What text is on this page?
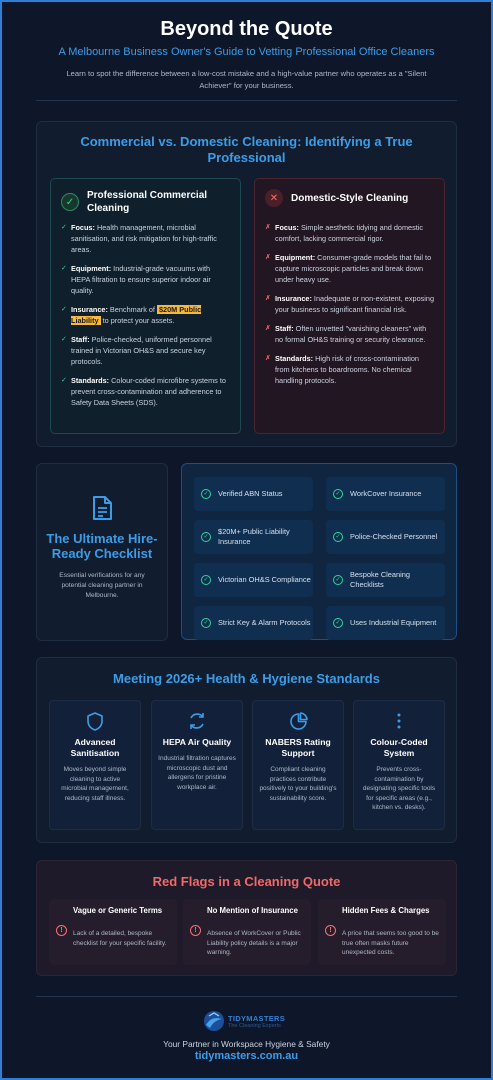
Beyond the Quote
A Melbourne Business Owner's Guide to Vetting Professional Office Cleaners
Learn to spot the difference between a low-cost mistake and a high-value partner who operates as a "Silent Achiever" for your business.
Commercial vs. Domestic Cleaning: Identifying a True Professional
✓
Professional Commercial Cleaning
✓ Focus: Health management, microbial sanitisation, and risk mitigation for high-traffic areas.
✓ Equipment: Industrial-grade vacuums with HEPA filtration to ensure superior indoor air quality.
✓ Insurance: Benchmark of $20M Public Liability to protect your assets.
✓ Staff: Police-checked, uniformed personnel trained in Victorian OH&S and secure key protocols.
✓ Standards: Colour-coded microfibre systems to prevent cross-contamination and adherence to Safety Data Sheets (SDS).
✕	Domestic-Style Cleaning
✗ Focus: Simple aesthetic tidying and domestic comfort, lacking commercial rigor.
✗ Equipment: Consumer-grade models that fail to capture microscopic particles and break down under heavy use.
✗ Insurance: Inadequate or non-existent, exposing your business to significant financial risk.
✗ Staff: Often unvetted "vanishing cleaners" with no formal OH&S training or security clearance.
✗ Standards: High risk of cross-contamination from kitchens to boardrooms. No chemical handling protocols.
The Ultimate Hire-Ready Checklist
Essential verifications for any potential cleaning partner in Melbourne.
✓	Verified ABN Status	✓	WorkCover Insurance
✓
$20M+ Public Liability Insurance	✓	Police-Checked Personnel
✓	Victorian OH&S Compliance	✓
Bespoke Cleaning Checklists
✓	Strict Key & Alarm Protocols	✓	Uses Industrial Equipment
Meeting 2026+ Health & Hygiene Standards
Advanced Sanitisation
Moves beyond simple cleaning to active microbial management, reducing staff illness.
HEPA Air Quality
Industrial filtration captures microscopic dust and allergens for pristine workplace air.
NABERS Rating Support
Compliant cleaning practices contribute positively to your building's sustainability score.
Colour-Coded System
Prevents cross-contamination by designating specific tools for specific areas (e.g., kitchen vs. desks).
Red Flags in a Cleaning Quote
!
Vague or Generic Terms
Lack of a detailed, bespoke checklist for your specific facility.
!
No Mention of Insurance
Absence of WorkCover or Public Liability policy details is a major warning.
!
Hidden Fees & Charges
A price that seems too good to be true often masks future unexpected costs.
TIDYMASTERS
The Cleaning Experts
Your Partner in Workspace Hygiene & Safety
tidymasters.com.au
